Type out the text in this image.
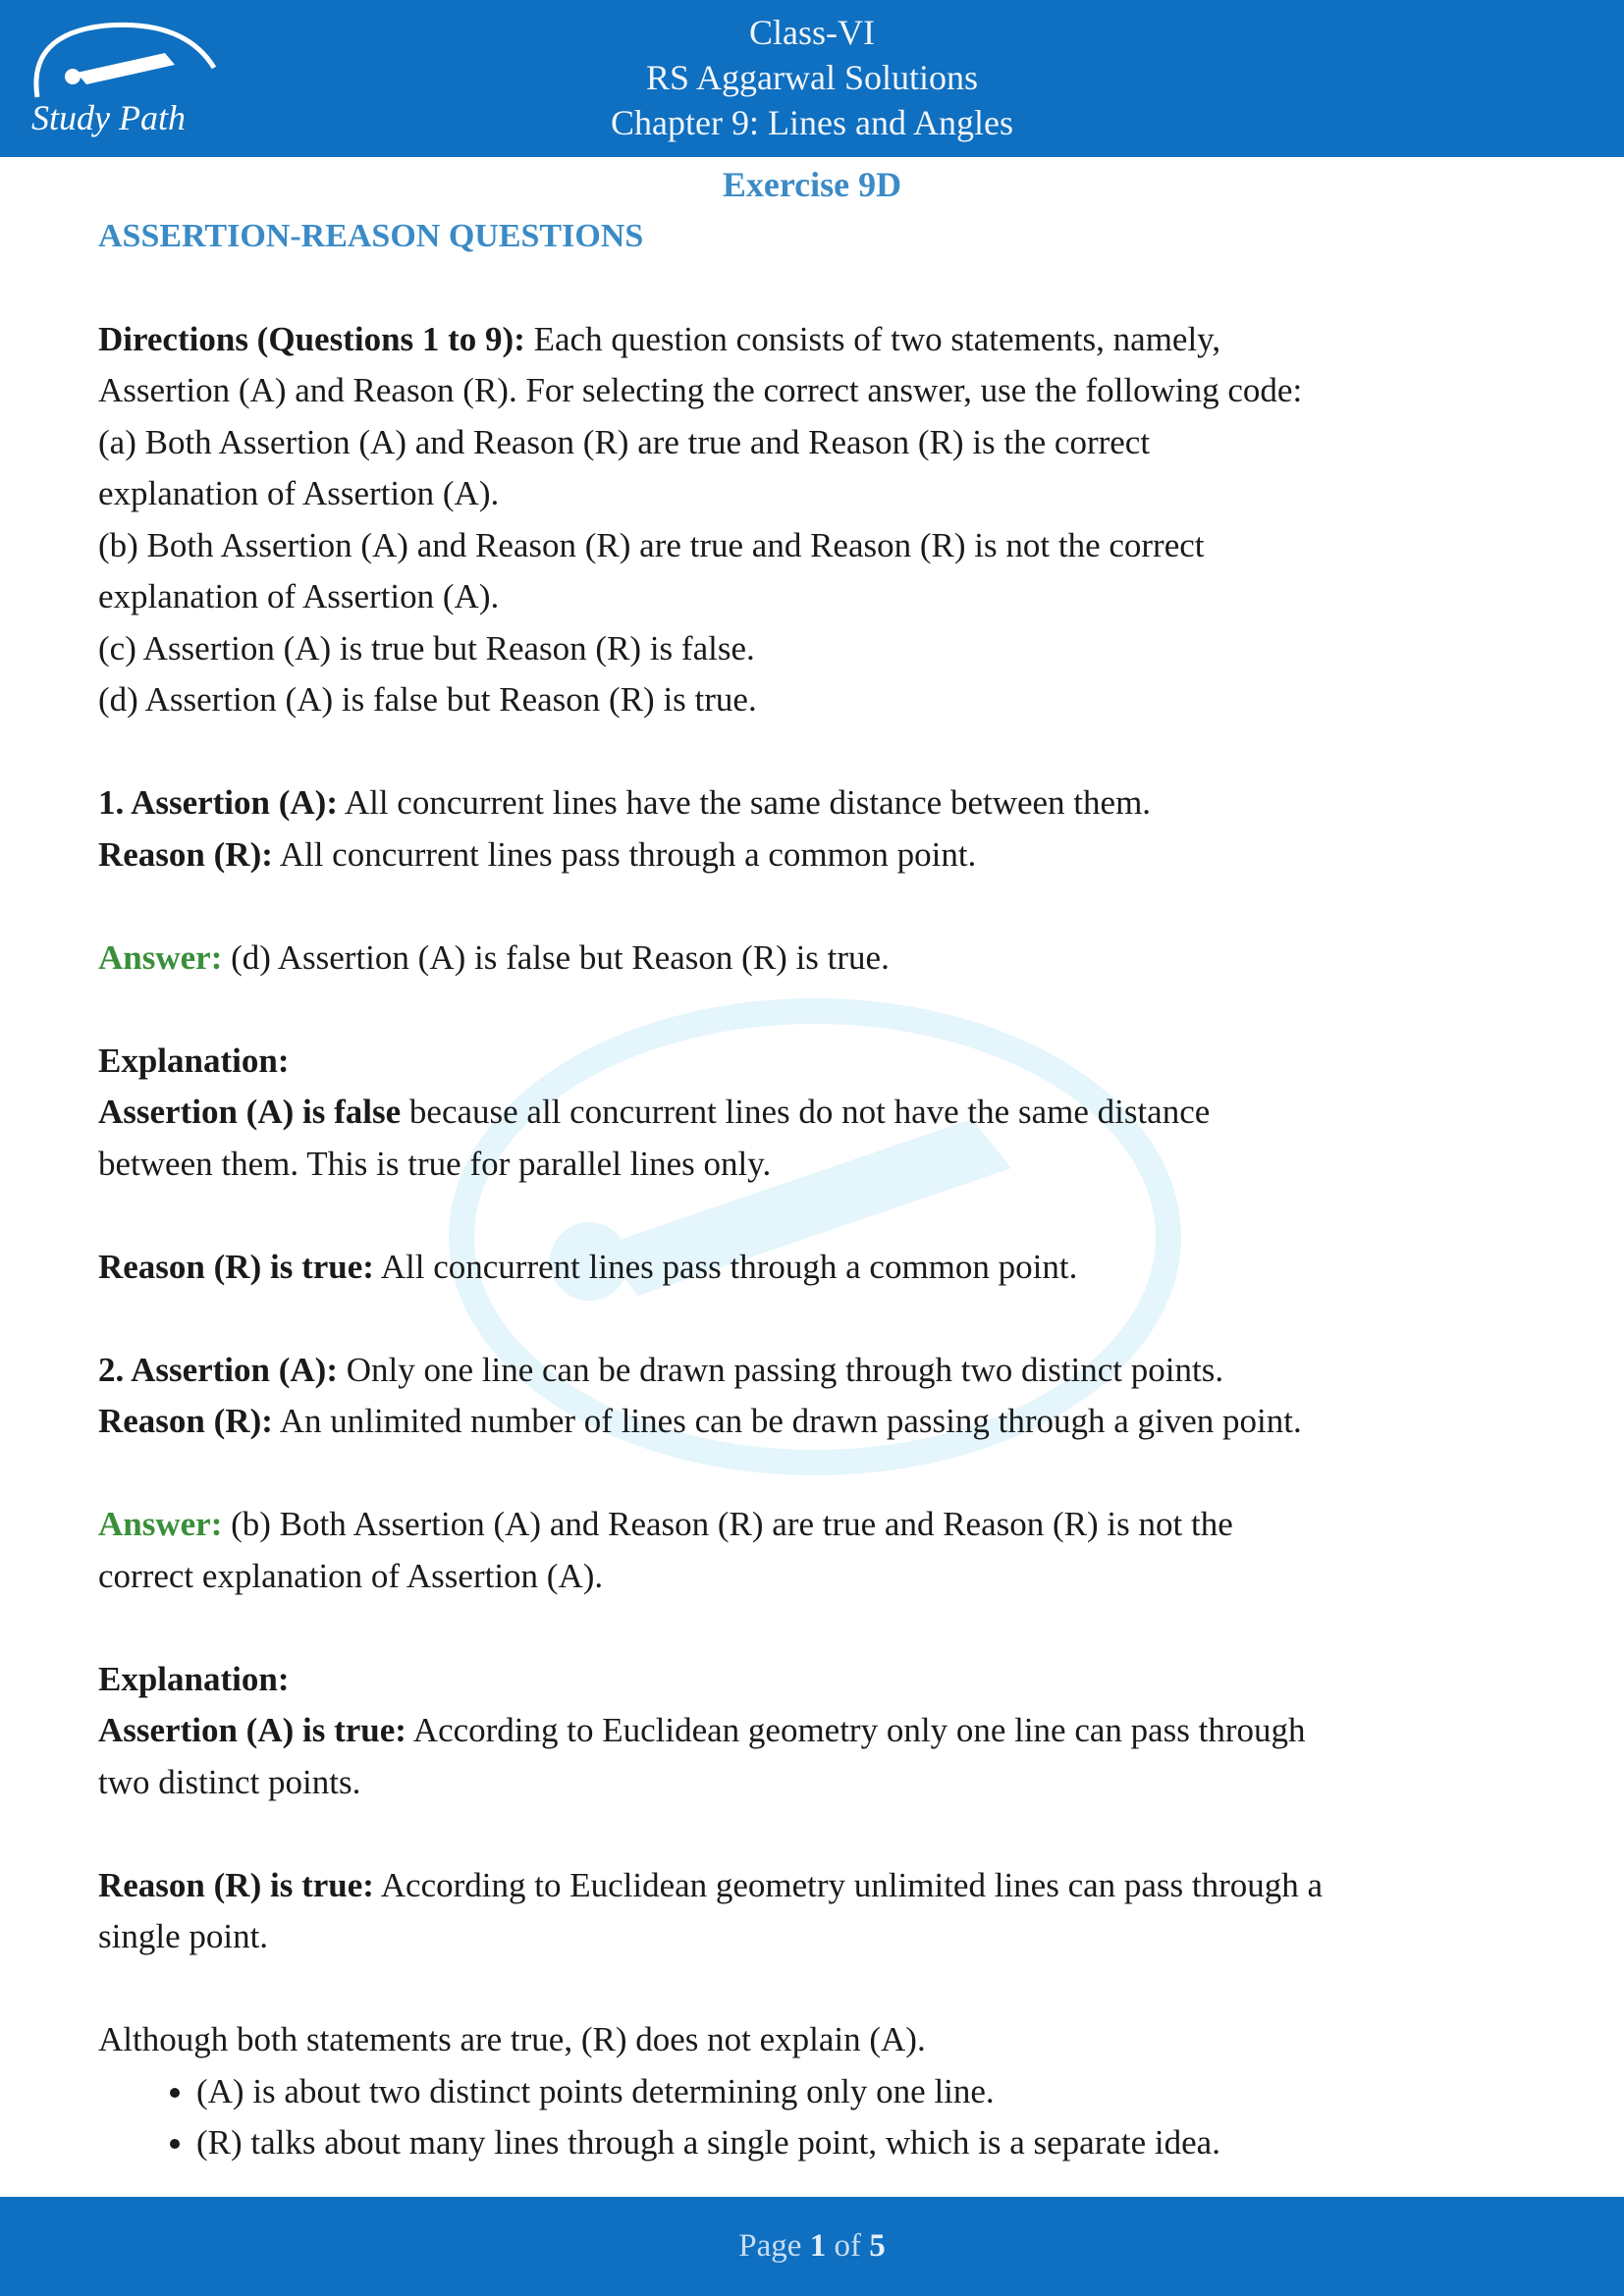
Study Path
Class-VI
RS Aggarwal Solutions
Chapter 9: Lines and Angles
Exercise 9D
ASSERTION-REASON QUESTIONS
Directions (Questions 1 to 9): Each question consists of two statements, namely,
Assertion (A) and Reason (R). For selecting the correct answer, use the following code:
(a) Both Assertion (A) and Reason (R) are true and Reason (R) is the correct
explanation of Assertion (A).
(b) Both Assertion (A) and Reason (R) are true and Reason (R) is not the correct
explanation of Assertion (A).
(c) Assertion (A) is true but Reason (R) is false.
(d) Assertion (A) is false but Reason (R) is true.
1. Assertion (A): All concurrent lines have the same distance between them.
Reason (R): All concurrent lines pass through a common point.
Answer: (d) Assertion (A) is false but Reason (R) is true.
Explanation:
Assertion (A) is false because all concurrent lines do not have the same distance
between them. This is true for parallel lines only.
Reason (R) is true: All concurrent lines pass through a common point.
2. Assertion (A): Only one line can be drawn passing through two distinct points.
Reason (R): An unlimited number of lines can be drawn passing through a given point.
Answer: (b) Both Assertion (A) and Reason (R) are true and Reason (R) is not the
correct explanation of Assertion (A).
Explanation:
Assertion (A) is true: According to Euclidean geometry only one line can pass through
two distinct points.
Reason (R) is true: According to Euclidean geometry unlimited lines can pass through a
single point.
Although both statements are true, (R) does not explain (A).
• (A) is about two distinct points determining only one line.
• (R) talks about many lines through a single point, which is a separate idea.
Page 1 of 5
